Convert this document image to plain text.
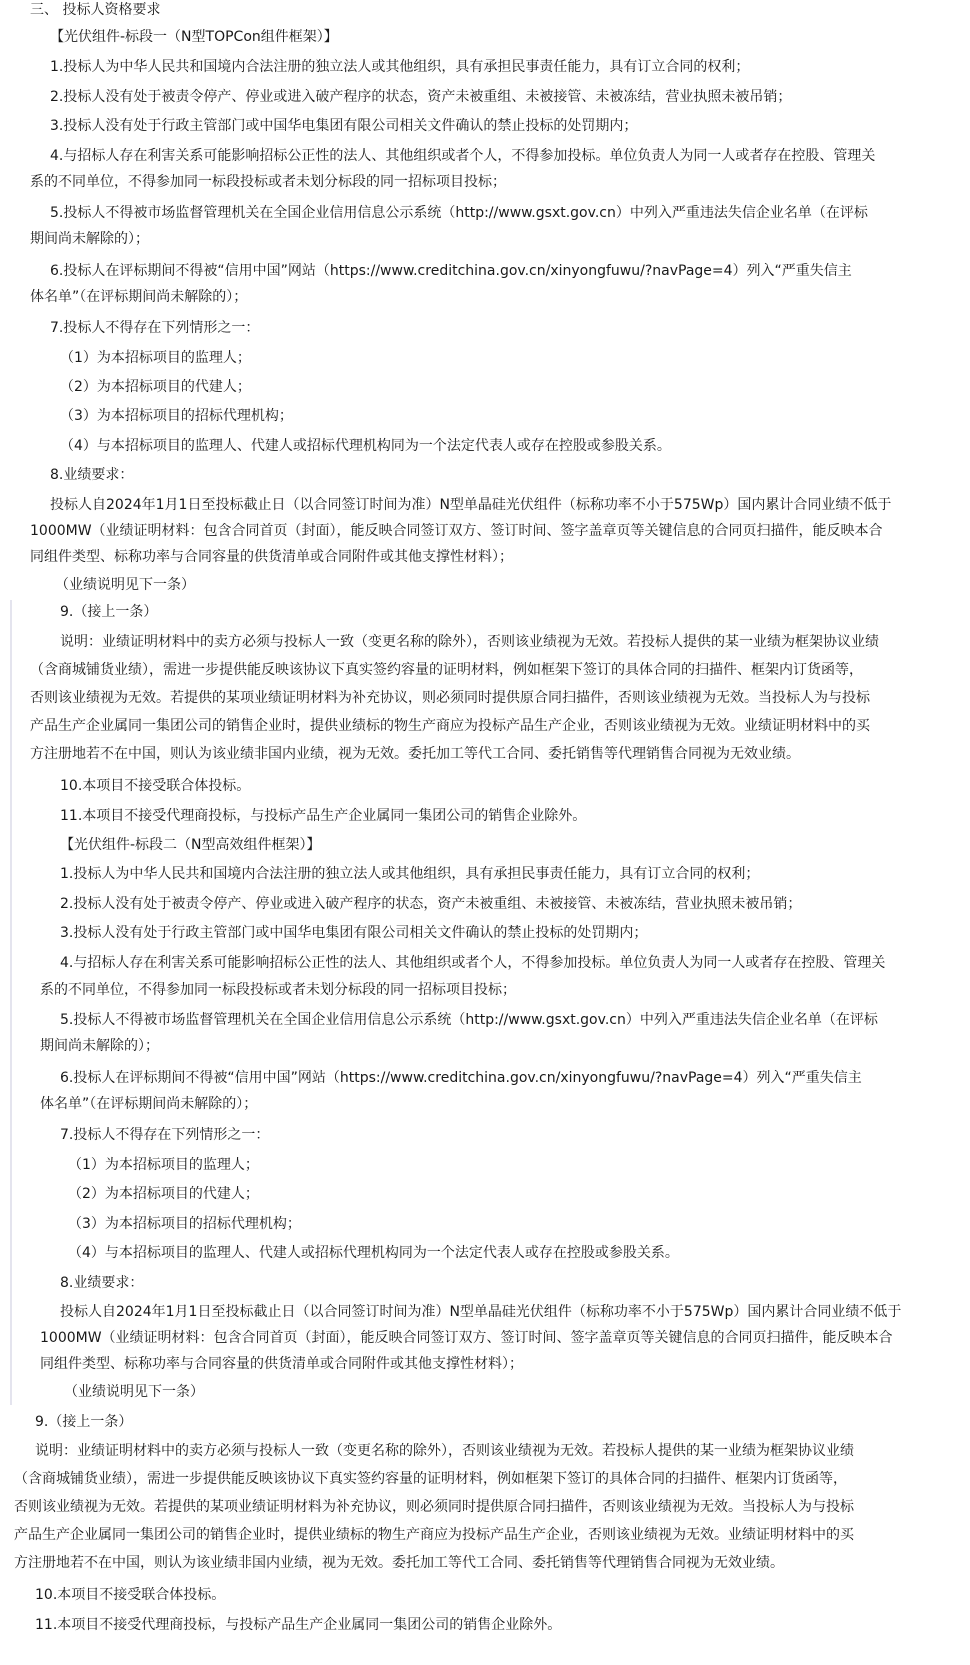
三、 投标人资格要求
【光伏组件-标段一（N型TOPCon组件框架）】
1.投标人为中华人民共和国境内合法注册的独立法人或其他组织，具有承担民事责任能力，具有订立合同的权利；
2.投标人没有处于被责令停产、停业或进入破产程序的状态，资产未被重组、未被接管、未被冻结，营业执照未被吊销；
3.投标人没有处于行政主管部门或中国华电集团有限公司相关文件确认的禁止投标的处罚期内；
4.与招标人存在利害关系可能影响招标公正性的法人、其他组织或者个人，不得参加投标。单位负责人为同一人或者存在控股、管理关
系的不同单位，不得参加同一标段投标或者未划分标段的同一招标项目投标；
5.投标人不得被市场监督管理机关在全国企业信用信息公示系统（http://www.gsxt.gov.cn）中列入严重违法失信企业名单（在评标
期间尚未解除的）；
6.投标人在评标期间不得被“信用中国”网站（https://www.creditchina.gov.cn/xinyongfuwu/?navPage=4）列入“严重失信主
体名单”（在评标期间尚未解除的）；
7.投标人不得存在下列情形之一：
（1）为本招标项目的监理人；
（2）为本招标项目的代建人；
（3）为本招标项目的招标代理机构；
（4）与本招标项目的监理人、代建人或招标代理机构同为一个法定代表人或存在控股或参股关系。
8.业绩要求：
投标人自2024年1月1日至投标截止日（以合同签订时间为准）N型单晶硅光伏组件（标称功率不小于575Wp）国内累计合同业绩不低于
1000MW（业绩证明材料：包含合同首页（封面），能反映合同签订双方、签订时间、签字盖章页等关键信息的合同页扫描件，能反映本合
同组件类型、标称功率与合同容量的供货清单或合同附件或其他支撑性材料）；
（业绩说明见下一条）
9.（接上一条）
说明：业绩证明材料中的卖方必须与投标人一致（变更名称的除外），否则该业绩视为无效。若投标人提供的某一业绩为框架协议业绩
（含商城铺货业绩），需进一步提供能反映该协议下真实签约容量的证明材料，例如框架下签订的具体合同的扫描件、框架内订货函等，
否则该业绩视为无效。若提供的某项业绩证明材料为补充协议，则必须同时提供原合同扫描件，否则该业绩视为无效。当投标人为与投标
产品生产企业属同一集团公司的销售企业时，提供业绩标的物生产商应为投标产品生产企业，否则该业绩视为无效。业绩证明材料中的买
方注册地若不在中国，则认为该业绩非国内业绩，视为无效。委托加工等代工合同、委托销售等代理销售合同视为无效业绩。
10.本项目不接受联合体投标。
11.本项目不接受代理商投标，与投标产品生产企业属同一集团公司的销售企业除外。
【光伏组件-标段二（N型高效组件框架）】
1.投标人为中华人民共和国境内合法注册的独立法人或其他组织，具有承担民事责任能力，具有订立合同的权利；
2.投标人没有处于被责令停产、停业或进入破产程序的状态，资产未被重组、未被接管、未被冻结，营业执照未被吊销；
3.投标人没有处于行政主管部门或中国华电集团有限公司相关文件确认的禁止投标的处罚期内；
4.与招标人存在利害关系可能影响招标公正性的法人、其他组织或者个人，不得参加投标。单位负责人为同一人或者存在控股、管理关
系的不同单位，不得参加同一标段投标或者未划分标段的同一招标项目投标；
5.投标人不得被市场监督管理机关在全国企业信用信息公示系统（http://www.gsxt.gov.cn）中列入严重违法失信企业名单（在评标
期间尚未解除的）；
6.投标人在评标期间不得被“信用中国”网站（https://www.creditchina.gov.cn/xinyongfuwu/?navPage=4）列入“严重失信主
体名单”（在评标期间尚未解除的）；
7.投标人不得存在下列情形之一：
（1）为本招标项目的监理人；
（2）为本招标项目的代建人；
（3）为本招标项目的招标代理机构；
（4）与本招标项目的监理人、代建人或招标代理机构同为一个法定代表人或存在控股或参股关系。
8.业绩要求：
投标人自2024年1月1日至投标截止日（以合同签订时间为准）N型单晶硅光伏组件（标称功率不小于575Wp）国内累计合同业绩不低于
1000MW（业绩证明材料：包含合同首页（封面），能反映合同签订双方、签订时间、签字盖章页等关键信息的合同页扫描件，能反映本合
同组件类型、标称功率与合同容量的供货清单或合同附件或其他支撑性材料）；
（业绩说明见下一条）
9.（接上一条）
说明：业绩证明材料中的卖方必须与投标人一致（变更名称的除外），否则该业绩视为无效。若投标人提供的某一业绩为框架协议业绩
（含商城铺货业绩），需进一步提供能反映该协议下真实签约容量的证明材料，例如框架下签订的具体合同的扫描件、框架内订货函等，
否则该业绩视为无效。若提供的某项业绩证明材料为补充协议，则必须同时提供原合同扫描件，否则该业绩视为无效。当投标人为与投标
产品生产企业属同一集团公司的销售企业时，提供业绩标的物生产商应为投标产品生产企业，否则该业绩视为无效。业绩证明材料中的买
方注册地若不在中国，则认为该业绩非国内业绩，视为无效。委托加工等代工合同、委托销售等代理销售合同视为无效业绩。
10.本项目不接受联合体投标。
11.本项目不接受代理商投标，与投标产品生产企业属同一集团公司的销售企业除外。
